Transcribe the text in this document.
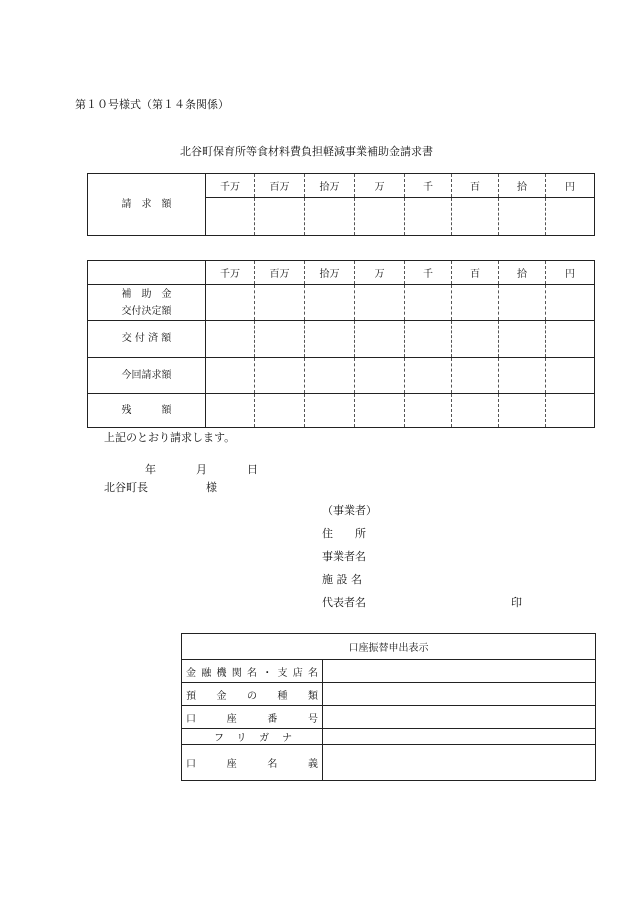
第１０号様式（第１４条関係）
北谷町保育所等食材料費負担軽減事業補助金請求書
請　求　額	千万	百万	拾万	万	千	百	拾	円

	千万	百万	拾万	万	千	百	拾	円

補　助　金
交付決定額								

交 付 済 額								
今回請求額								
残　　　額								
上記のとおり請求します。
年	月	日
北谷町長	様
（事業者）
住　　所
事業者名
施 設 名
代表者名	印
口座振替申出表示	
金融機関名・支店名	
預金の種類	
口座番号	
フリガナ	
口座名義	
